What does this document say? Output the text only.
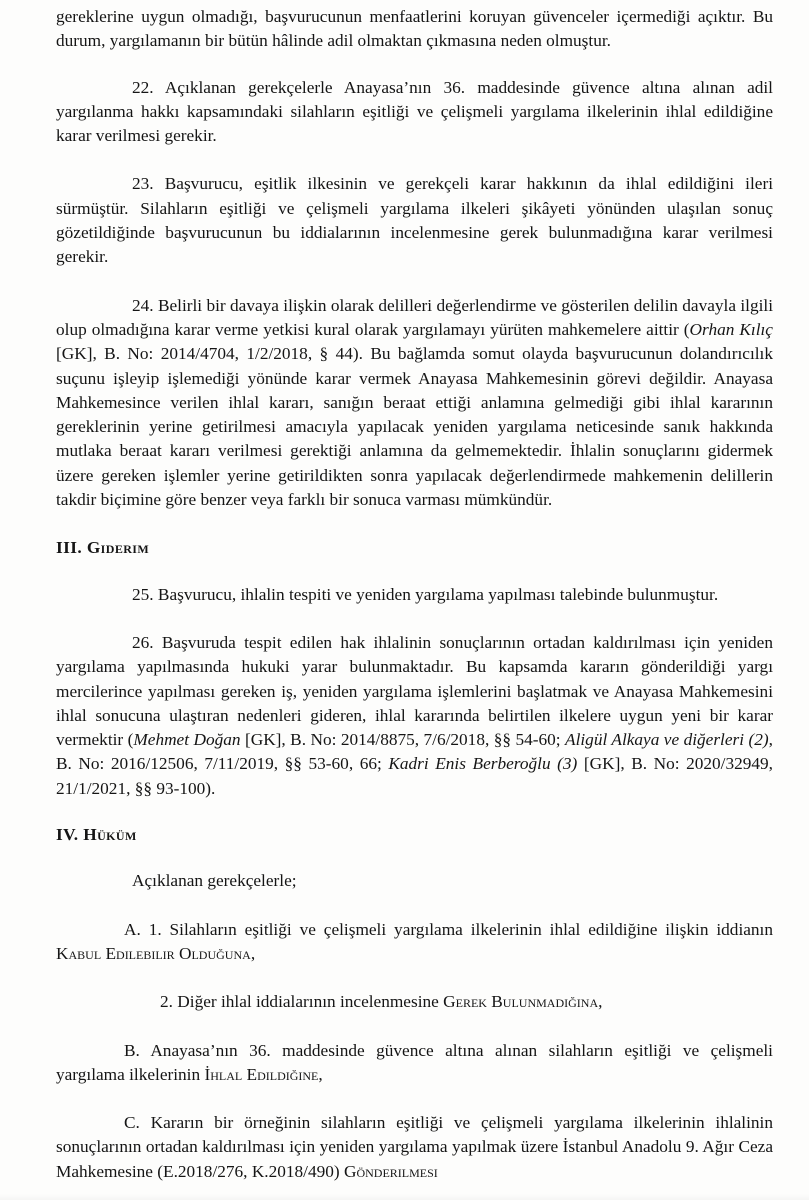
gereklerine uygun olmadığı, başvurucunun menfaatlerini koruyan güvenceler içermediği açıktır. Bu durum, yargılamanın bir bütün hâlinde adil olmaktan çıkmasına neden olmuştur.

22. Açıklanan gerekçelerle Anayasa’nın 36. maddesinde güvence altına alınan adil yargılanma hakkı kapsamındaki silahların eşitliği ve çelişmeli yargılama ilkelerinin ihlal edildiğine karar verilmesi gerekir.

23. Başvurucu, eşitlik ilkesinin ve gerekçeli karar hakkının da ihlal edildiğini ileri sürmüştür. Silahların eşitliği ve çelişmeli yargılama ilkeleri şikâyeti yönünden ulaşılan sonuç gözetildiğinde başvurucunun bu iddialarının incelenmesine gerek bulunmadığına karar verilmesi gerekir.

24. Belirli bir davaya ilişkin olarak delilleri değerlendirme ve gösterilen delilin davayla ilgili olup olmadığına karar verme yetkisi kural olarak yargılamayı yürüten mahkemelere aittir (Orhan Kılıç [GK], B. No: 2014/4704, 1/2/2018, § 44). Bu bağlamda somut olayda başvurucunun dolandırıcılık suçunu işleyip işlemediği yönünde karar vermek Anayasa Mahkemesinin görevi değildir. Anayasa Mahkemesince verilen ihlal kararı, sanığın beraat ettiği anlamına gelmediği gibi ihlal kararının gereklerinin yerine getirilmesi amacıyla yapılacak yeniden yargılama neticesinde sanık hakkında mutlaka beraat kararı verilmesi gerektiği anlamına da gelmemektedir. İhlalin sonuçlarını gidermek üzere gereken işlemler yerine getirildikten sonra yapılacak değerlendirmede mahkemenin delillerin takdir biçimine göre benzer veya farklı bir sonuca varması mümkündür.

III. Giderim

25. Başvurucu, ihlalin tespiti ve yeniden yargılama yapılması talebinde bulunmuştur.

26. Başvuruda tespit edilen hak ihlalinin sonuçlarının ortadan kaldırılması için yeniden yargılama yapılmasında hukuki yarar bulunmaktadır. Bu kapsamda kararın gönderildiği yargı mercilerince yapılması gereken iş, yeniden yargılama işlemlerini başlatmak ve Anayasa Mahkemesini ihlal sonucuna ulaştıran nedenleri gideren, ihlal kararında belirtilen ilkelere uygun yeni bir karar vermektir (Mehmet Doğan [GK], B. No: 2014/8875, 7/6/2018, §§ 54-60; Aligül Alkaya ve diğerleri (2), B. No: 2016/12506, 7/11/2019, §§ 53-60, 66; Kadri Enis Berberoğlu (3) [GK], B. No: 2020/32949, 21/1/2021, §§ 93-100).

IV. Hüküm

Açıklanan gerekçelerle;

A. 1. Silahların eşitliği ve çelişmeli yargılama ilkelerinin ihlal edildiğine ilişkin iddianın Kabul Edilebilir Olduğuna,

2. Diğer ihlal iddialarının incelenmesine Gerek Bulunmadığına,

B. Anayasa’nın 36. maddesinde güvence altına alınan silahların eşitliği ve çelişmeli yargılama ilkelerinin İhlal Edildiğine,

C. Kararın bir örneğinin silahların eşitliği ve çelişmeli yargılama ilkelerinin ihlalinin sonuçlarının ortadan kaldırılması için yeniden yargılama yapılmak üzere İstanbul Anadolu 9. Ağır Ceza Mahkemesine (E.2018/276, K.2018/490) Gönderilmesi
